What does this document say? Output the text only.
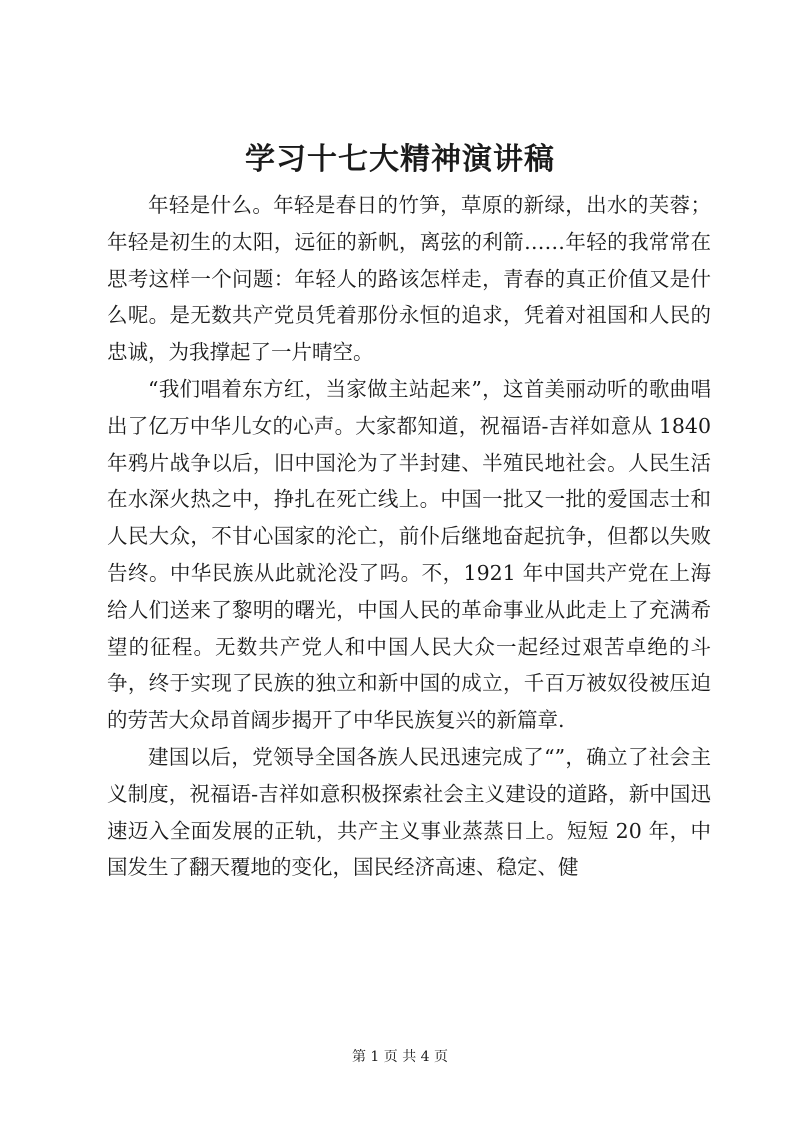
学习十七大精神演讲稿

年轻是什么。年轻是春日的竹笋，草原的新绿，出水的芙蓉；年轻是初生的太阳，远征的新帆，离弦的利箭……年轻的我常常在思考这样一个问题：年轻人的路该怎样走，青春的真正价值又是什么呢。是无数共产党员凭着那份永恒的追求，凭着对祖国和人民的忠诚，为我撑起了一片晴空。

“我们唱着东方红，当家做主站起来”，这首美丽动听的歌曲唱出了亿万中华儿女的心声。大家都知道，祝福语-吉祥如意从 1840 年鸦片战争以后，旧中国沦为了半封建、半殖民地社会。人民生活在水深火热之中，挣扎在死亡线上。中国一批又一批的爱国志士和人民大众，不甘心国家的沦亡，前仆后继地奋起抗争，但都以失败告终。中华民族从此就沦没了吗。不，1921 年中国共产党在上海给人们送来了黎明的曙光，中国人民的革命事业从此走上了充满希望的征程。无数共产党人和中国人民大众一起经过艰苦卓绝的斗争，终于实现了民族的独立和新中国的成立，千百万被奴役被压迫的劳苦大众昂首阔步揭开了中华民族复兴的新篇章.

建国以后，党领导全国各族人民迅速完成了“”，确立了社会主义制度，祝福语-吉祥如意积极探索社会主义建设的道路，新中国迅速迈入全面发展的正轨，共产主义事业蒸蒸日上。短短 20 年，中国发生了翻天覆地的变化，国民经济高速、稳定、健

第 1 页 共 4 页
